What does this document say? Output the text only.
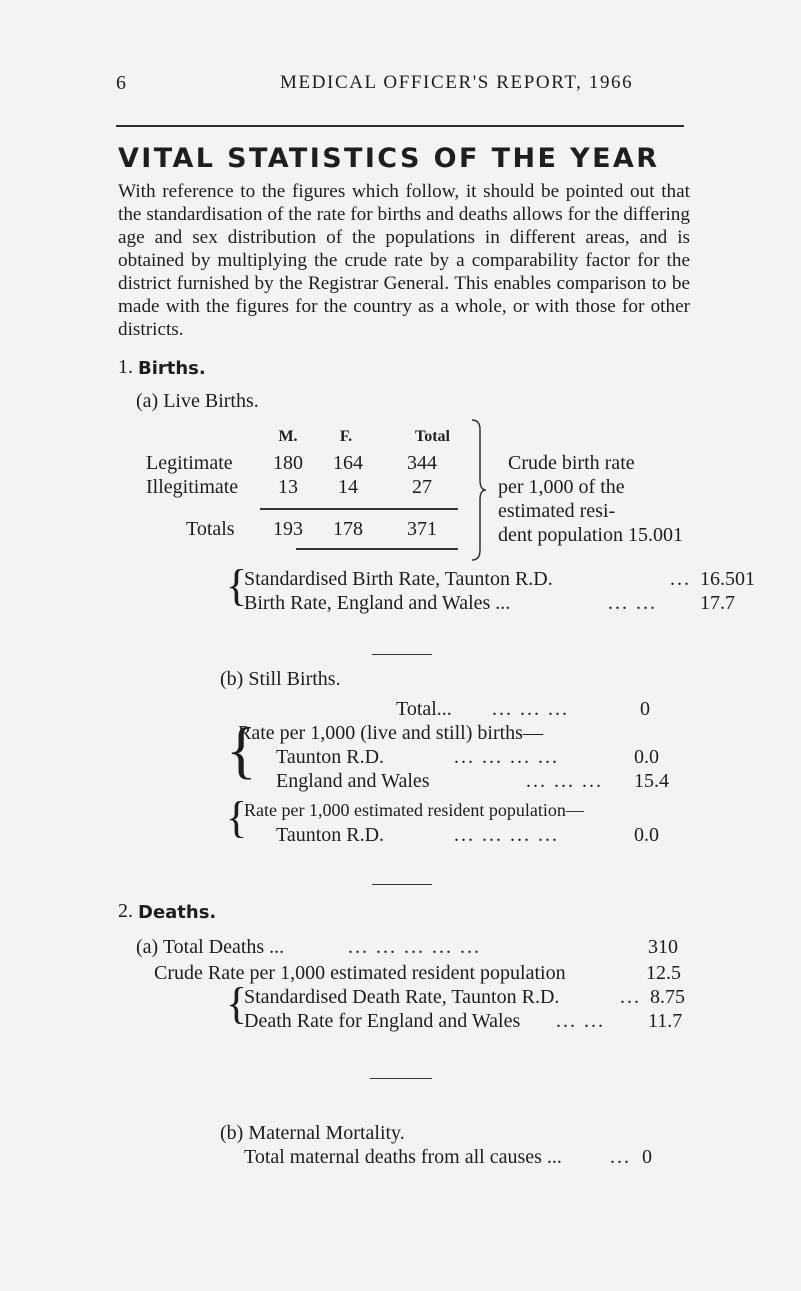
6	MEDICAL OFFICER'S REPORT, 1966
VITAL STATISTICS OF THE YEAR
With reference to the figures which follow, it should be pointed out that the standardisation of the rate for births and deaths allows for the differing age and sex distribution of the populations in different areas, and is obtained by multiplying the crude rate by a comparability factor for the district furnished by the Registrar General. This enables comparison to be made with the figures for the country as a whole, or with those for other districts.
1. Births.
(a) Live Births.
M.	F.	Total
Legitimate	180	164	344
Illegitimate	13	14	27
Totals	193	178	371
Crude birth rate
per 1,000 of the
estimated resi-
dent population 15.001
{
Standardised Birth Rate, Taunton R.D.	... 16.501
Birth Rate, England and Wales ...	... ... 17.7
(b) Still Births.
Total... ... ... ...	0
{
Rate per 1,000 (live and still) births—
Taunton R.D.	... ... ... ...	0.0
England and Wales	... ... ... 15.4
{
Rate per 1,000 estimated resident population—
Taunton R.D.	... ... ... ...	0.0
2. Deaths.
(a) Total Deaths ...	... ... ... ... ...	310
Crude Rate per 1,000 estimated resident population	12.5
{
Standardised Death Rate, Taunton R.D.	... 8.75
Death Rate for England and Wales ... ... 11.7
(b) Maternal Mortality.
Total maternal deaths from all causes ... ... 0
